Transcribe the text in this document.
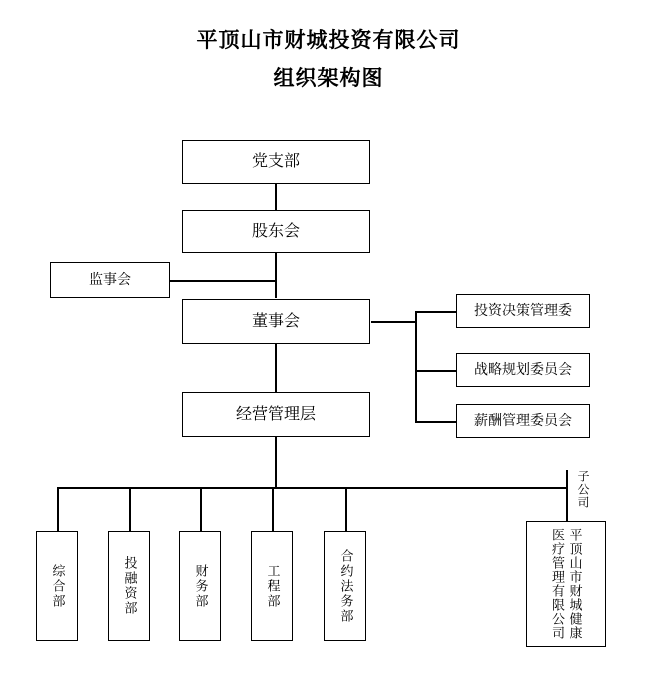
平顶山市财城投资有限公司
组织架构图
党支部
股东会
监事会
董事会
经营管理层
投资决策管理委
战略规划委员会
薪酬管理委员会
综合部	投融资部	财务部	工程部	合约法务部	平顶山市财城健康医疗管理有限公司
子公司
